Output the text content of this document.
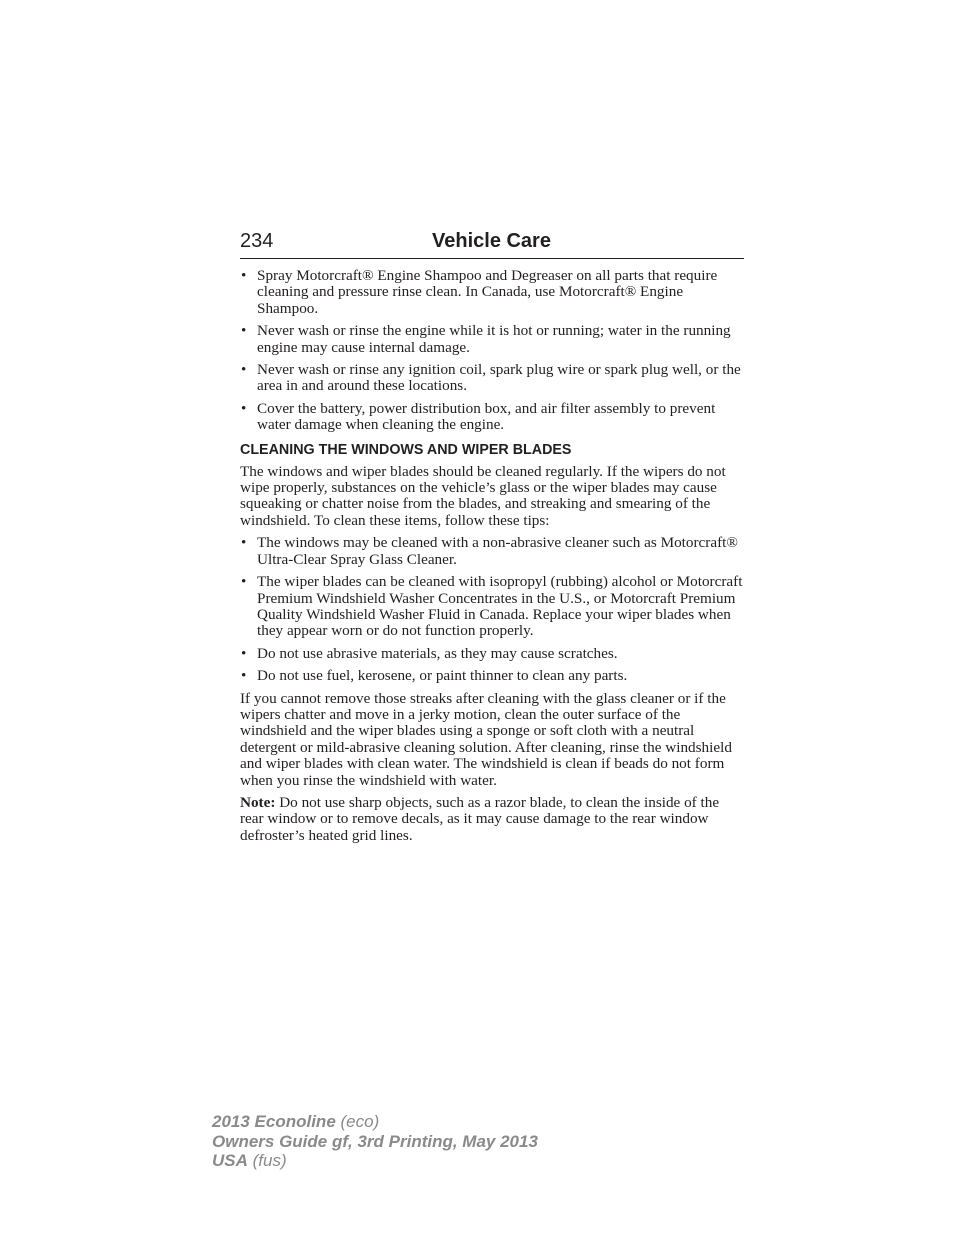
234	Vehicle Care
• Spray Motorcraft® Engine Shampoo and Degreaser on all parts that require cleaning and pressure rinse clean. In Canada, use Motorcraft® Engine Shampoo.
• Never wash or rinse the engine while it is hot or running; water in the running engine may cause internal damage.
• Never wash or rinse any ignition coil, spark plug wire or spark plug well, or the area in and around these locations.
• Cover the battery, power distribution box, and air filter assembly to prevent water damage when cleaning the engine.
CLEANING THE WINDOWS AND WIPER BLADES

The windows and wiper blades should be cleaned regularly. If the wipers do not wipe properly, substances on the vehicle’s glass or the wiper blades may cause squeaking or chatter noise from the blades, and streaking and smearing of the windshield. To clean these items, follow these tips:

• The windows may be cleaned with a non-abrasive cleaner such as Motorcraft® Ultra-Clear Spray Glass Cleaner.
• The wiper blades can be cleaned with isopropyl (rubbing) alcohol or Motorcraft Premium Windshield Washer Concentrates in the U.S., or Motorcraft Premium Quality Windshield Washer Fluid in Canada. Replace your wiper blades when they appear worn or do not function properly.
• Do not use abrasive materials, as they may cause scratches.
• Do not use fuel, kerosene, or paint thinner to clean any parts.

If you cannot remove those streaks after cleaning with the glass cleaner or if the wipers chatter and move in a jerky motion, clean the outer surface of the windshield and the wiper blades using a sponge or soft cloth with a neutral detergent or mild-abrasive cleaning solution. After cleaning, rinse the windshield and wiper blades with clean water. The windshield is clean if beads do not form when you rinse the windshield with water.

Note: Do not use sharp objects, such as a razor blade, to clean the inside of the rear window or to remove decals, as it may cause damage to the rear window defroster’s heated grid lines.

2013 Econoline (eco)
Owners Guide gf, 3rd Printing, May 2013
USA (fus)
